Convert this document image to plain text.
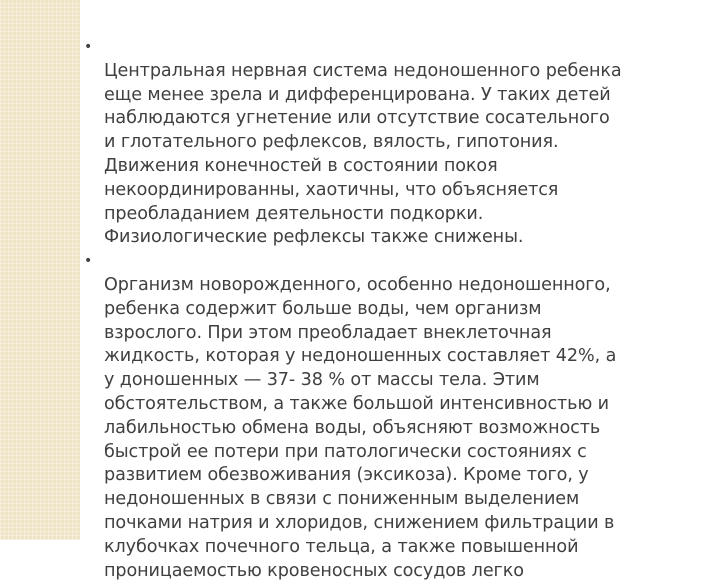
•
Центральная нервная система недоношенного ребенка
еще менее зрела и дифференцирована. У таких детей
наблюдаются угнетение или отсутствие сосательного
и глотательного рефлексов, вялость, гипотония.
Движения конечностей в состоянии покоя
некоординированны, хаотичны, что объясняется
преобладанием деятельности подкорки.
Физиологические рефлексы также снижены.

•
Организм новорожденного, особенно недоношенного,
ребенка содержит больше воды, чем организм
взрослого. При этом преобладает внеклеточная
жидкость, которая у недоношенных составляет 42%, а
у доношенных — 37- 38 % от массы тела. Этим
обстоятельством, а также большой интенсивностью и
лабильностью обмена воды, объясняют возможность
быстрой ее потери при патологически состояниях с
развитием обезвоживания (эксикоза). Кроме того, у
недоношенных в связи с пониженным выделением
почками натрия и хлоридов, снижением фильтрации в
клубочках почечного тельца, а также повышенной
проницаемостью кровеносных сосудов легко
